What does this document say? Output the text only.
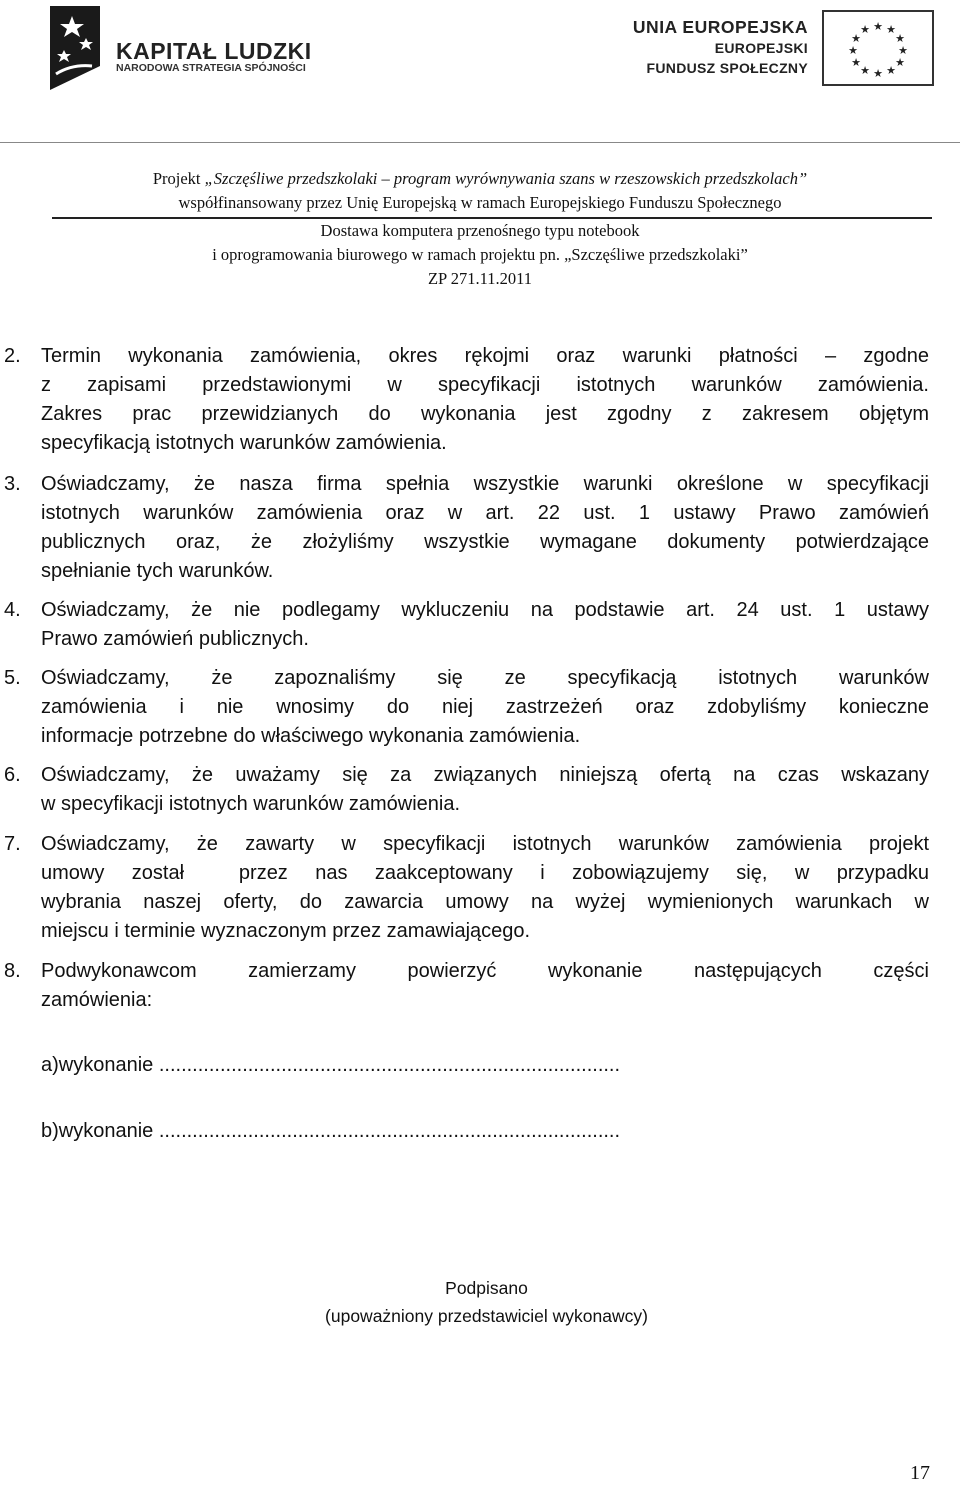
KAPITAŁ LUDZKI
NARODOWA STRATEGIA SPÓJNOŚCI
UNIA EUROPEJSKA
EUROPEJSKI
FUNDUSZ SPOŁECZNY
★ ★
★
★
★
★
★
★
★
★
★
★
Projekt „Szczęśliwe przedszkolaki – program wyrównywania szans w rzeszowskich przedszkolach”
współfinansowany przez Unię Europejską w ramach Europejskiego Funduszu Społecznego
Dostawa komputera przenośnego typu notebook
i oprogramowania biurowego w ramach projektu pn. „Szczęśliwe przedszkolaki”
ZP 271.11.2011
2. Termin wykonania zamówienia, okres rękojmi oraz warunki płatności – zgodne
z zapisami przedstawionymi w specyfikacji istotnych warunków zamówienia.
Zakres prac przewidzianych do wykonania jest zgodny z zakresem objętym
specyfikacją istotnych warunków zamówienia.
3. Oświadczamy, że nasza firma spełnia wszystkie warunki określone w specyfikacji
istotnych warunków zamówienia oraz w art. 22 ust. 1 ustawy Prawo zamówień
publicznych oraz, że złożyliśmy wszystkie wymagane dokumenty potwierdzające
spełnianie tych warunków.
4. Oświadczamy, że nie podlegamy wykluczeniu na podstawie art. 24 ust. 1 ustawy
Prawo zamówień publicznych.
5. Oświadczamy, że zapoznaliśmy się ze specyfikacją istotnych warunków
zamówienia i nie wnosimy do niej zastrzeżeń oraz zdobyliśmy konieczne
informacje potrzebne do właściwego wykonania zamówienia.
6. Oświadczamy, że uważamy się za związanych niniejszą ofertą na czas wskazany
w specyfikacji istotnych warunków zamówienia.
7. Oświadczamy, że zawarty w specyfikacji istotnych warunków zamówienia projekt
umowy został  przez nas zaakceptowany i zobowiązujemy się, w przypadku
wybrania naszej oferty, do zawarcia umowy na wyżej wymienionych warunkach w
miejscu i terminie wyznaczonym przez zamawiającego.
8. Podwykonawcom zamierzamy powierzyć wykonanie następujących części
zamówienia:
a)wykonanie ...................................................................................
b)wykonanie ...................................................................................
Podpisano
(upoważniony przedstawiciel wykonawcy)
17
